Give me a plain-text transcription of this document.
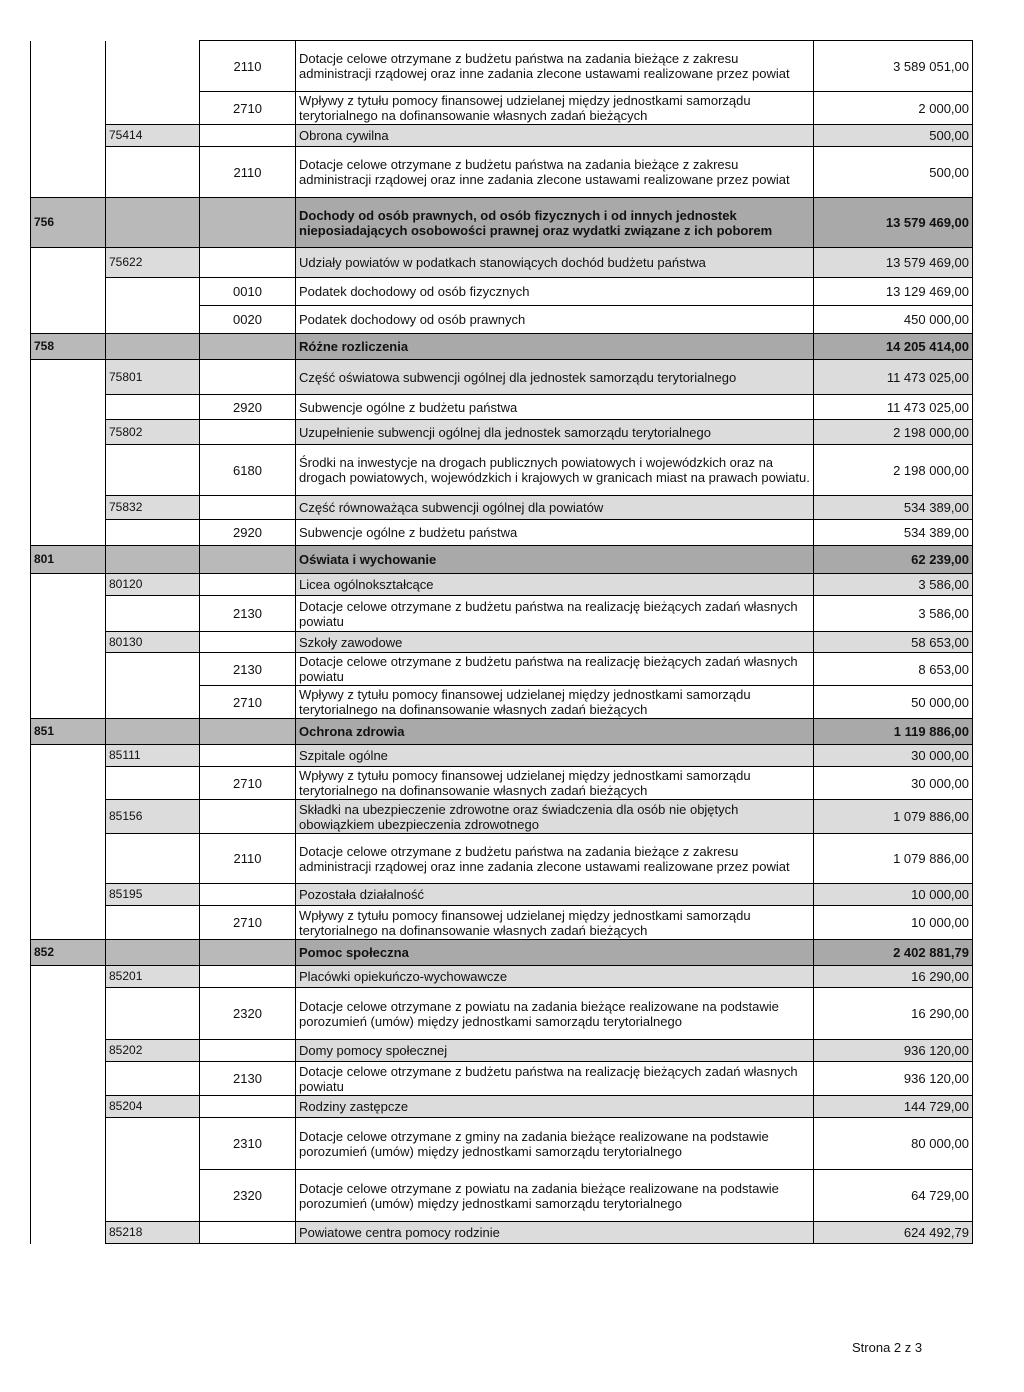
		2110	Dotacje celowe otrzymane z budżetu państwa na zadania bieżące z zakresu administracji rządowej oraz inne zadania zlecone ustawami realizowane przez powiat	3 589 051,00
		2710	Wpływy z tytułu pomocy finansowej udzielanej między jednostkami samorządu terytorialnego na dofinansowanie własnych zadań bieżących	2 000,00
	75414		Obrona cywilna	500,00
		2110	Dotacje celowe otrzymane z budżetu państwa na zadania bieżące z zakresu administracji rządowej oraz inne zadania zlecone ustawami realizowane przez powiat	500,00
756			Dochody od osób prawnych, od osób fizycznych i od innych jednostek nieposiadających osobowości prawnej oraz wydatki związane z ich poborem	13 579 469,00
	75622		Udziały powiatów w podatkach stanowiących dochód budżetu państwa	13 579 469,00
		0010	Podatek dochodowy od osób fizycznych	13 129 469,00
		0020	Podatek dochodowy od osób prawnych	450 000,00
758			Różne rozliczenia	14 205 414,00
	75801		Część oświatowa subwencji ogólnej dla jednostek samorządu terytorialnego	11 473 025,00
		2920	Subwencje ogólne z budżetu państwa	11 473 025,00
	75802		Uzupełnienie subwencji ogólnej dla jednostek samorządu terytorialnego	2 198 000,00
		6180	Środki na inwestycje na drogach publicznych powiatowych i wojewódzkich oraz na drogach powiatowych, wojewódzkich i krajowych w granicach miast na prawach powiatu.	2 198 000,00
	75832		Część równoważąca subwencji ogólnej dla powiatów	534 389,00
		2920	Subwencje ogólne z budżetu państwa	534 389,00
801			Oświata i wychowanie	62 239,00
	80120		Licea ogólnokształcące	3 586,00
		2130	Dotacje celowe otrzymane z budżetu państwa na realizację bieżących zadań własnych powiatu	3 586,00
	80130		Szkoły zawodowe	58 653,00
		2130	Dotacje celowe otrzymane z budżetu państwa na realizację bieżących zadań własnych powiatu	8 653,00
		2710	Wpływy z tytułu pomocy finansowej udzielanej między jednostkami samorządu terytorialnego na dofinansowanie własnych zadań bieżących	50 000,00
851			Ochrona zdrowia	1 119 886,00
	85111		Szpitale ogólne	30 000,00
		2710	Wpływy z tytułu pomocy finansowej udzielanej między jednostkami samorządu terytorialnego na dofinansowanie własnych zadań bieżących	30 000,00
	85156		Składki na ubezpieczenie zdrowotne oraz świadczenia dla osób nie objętych obowiązkiem ubezpieczenia zdrowotnego	1 079 886,00
		2110	Dotacje celowe otrzymane z budżetu państwa na zadania bieżące z zakresu administracji rządowej oraz inne zadania zlecone ustawami realizowane przez powiat	1 079 886,00
	85195		Pozostała działalność	10 000,00
		2710	Wpływy z tytułu pomocy finansowej udzielanej między jednostkami samorządu terytorialnego na dofinansowanie własnych zadań bieżących	10 000,00
852			Pomoc społeczna	2 402 881,79
	85201		Placówki opiekuńczo-wychowawcze	16 290,00
		2320	Dotacje celowe otrzymane z powiatu na zadania bieżące realizowane na podstawie porozumień (umów) między jednostkami samorządu terytorialnego	16 290,00
	85202		Domy pomocy społecznej	936 120,00
		2130	Dotacje celowe otrzymane z budżetu państwa na realizację bieżących zadań własnych powiatu	936 120,00
	85204		Rodziny zastępcze	144 729,00
		2310	Dotacje celowe otrzymane z gminy na zadania bieżące realizowane na podstawie porozumień (umów) między jednostkami samorządu terytorialnego	80 000,00
		2320	Dotacje celowe otrzymane z powiatu na zadania bieżące realizowane na podstawie porozumień (umów) między jednostkami samorządu terytorialnego	64 729,00
	85218		Powiatowe centra pomocy rodzinie	624 492,79
Strona 2 z 3
